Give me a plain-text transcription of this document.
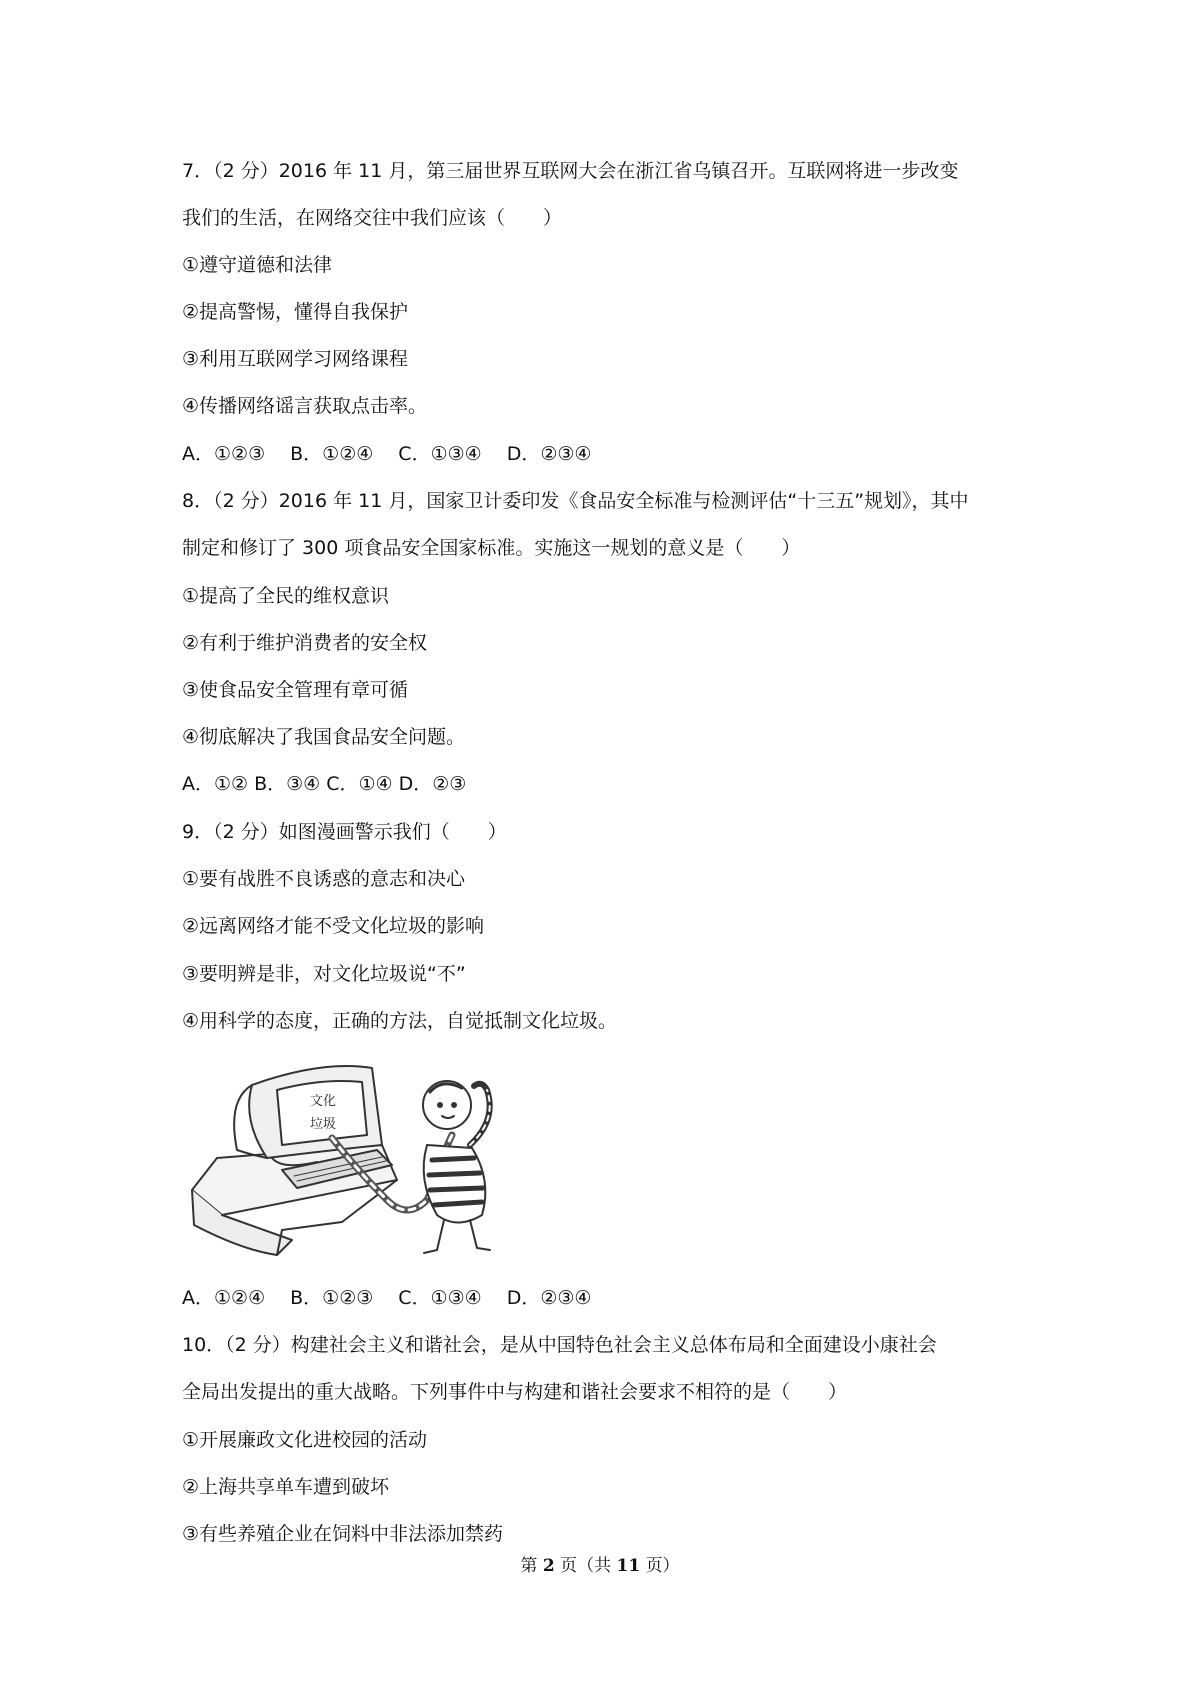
7．（2 分）2016 年 11 月，第三届世界互联网大会在浙江省乌镇召开。互联网将进一步改变
我们的生活，在网络交往中我们应该（　　）
①遵守道德和法律
②提高警惕，懂得自我保护
③利用互联网学习网络课程
④传播网络谣言获取点击率。
A．①②③　 B．①②④　 C．①③④　 D．②③④
8．（2 分）2016 年 11 月，国家卫计委印发《食品安全标准与检测评估“十三五”规划》，其中
制定和修订了 300 项食品安全国家标准。实施这一规划的意义是（　　）
①提高了全民的维权意识
②有利于维护消费者的安全权
③使食品安全管理有章可循
④彻底解决了我国食品安全问题。
A．①② B．③④ C．①④ D．②③
9．（2 分）如图漫画警示我们（　　）
①要有战胜不良诱惑的意志和决心
②远离网络才能不受文化垃圾的影响
③要明辨是非，对文化垃圾说“不”
④用科学的态度，正确的方法，自觉抵制文化垃圾。
文化
垃圾
A．①②④　 B．①②③　 C．①③④　 D．②③④
10．（2 分）构建社会主义和谐社会，是从中国特色社会主义总体布局和全面建设小康社会
全局出发提出的重大战略。下列事件中与构建和谐社会要求不相符的是（　　）
①开展廉政文化进校园的活动
②上海共享单车遭到破坏
③有些养殖企业在饲料中非法添加禁药
第 2 页（共 11 页）
